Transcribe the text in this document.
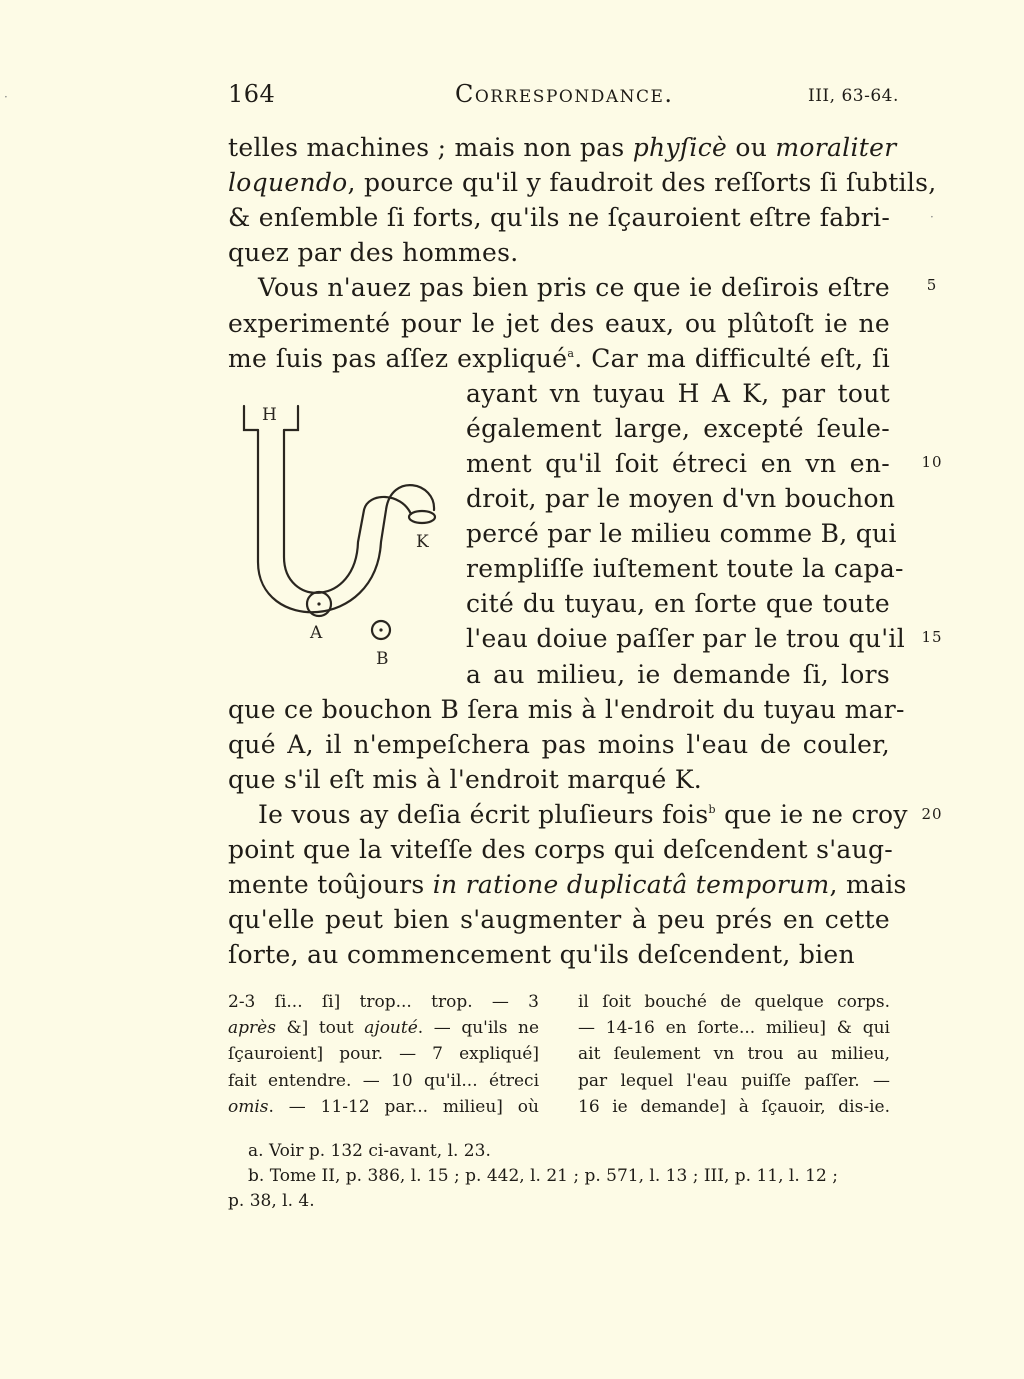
164	Correspondance.	III, 63-64.

telles machines ; mais non pas phyſicè ou moraliter

loquendo, pource qu'il y faudroit des reſſorts ſi ſubtils,

& enſemble ſi forts, qu'ils ne ſçauroient eſtre fabri-

quez par des hommes.

Vous n'auez pas bien pris ce que ie deſirois eſtre

experimenté pour le jet des eaux, ou plûtoſt ie ne

me ſuis pas aſſez expliqué$^a$. Car ma difficulté eſt, ſi

ayant vn tuyau H A K, par tout

également large, excepté ſeule-

ment qu'il ſoit étreci en vn en-

droit, par le moyen d'vn bouchon

percé par le milieu comme B, qui

rempliſſe iuſtement toute la capa-

cité du tuyau, en ſorte que toute

l'eau doiue paſſer par le trou qu'il

a au milieu, ie demande ſi, lors

que ce bouchon B ſera mis à l'endroit du tuyau mar-

qué A, il n'empeſchera pas moins l'eau de couler,

que s'il eſt mis à l'endroit marqué K.

Ie vous ay deſia écrit pluſieurs fois$^b$ que ie ne croy

point que la viteſſe des corps qui deſcendent s'aug-

mente toûjours in ratione duplicatâ temporum, mais

qu'elle peut bien s'augmenter à peu prés en cette

ſorte, au commencement qu'ils deſcendent, bien

5
10
15
20
H
A
K
B

2-3 ſi... ſi] trop... trop. — 3

après &] tout ajouté. — qu'ils ne

ſçauroient] pour. — 7 expliqué]

fait entendre. — 10 qu'il... étreci

omis. — 11-12 par... milieu] où

il ſoit bouché de quelque corps.

— 14-16 en ſorte... milieu] & qui

ait ſeulement vn trou au milieu,

par lequel l'eau puiſſe paſſer. —

16 ie demande] à ſçauoir, dis-ie.

a. Voir p. 132 ci-avant, l. 23.

b. Tome II, p. 386, l. 15 ; p. 442, l. 21 ; p. 571, l. 13 ; III, p. 11, l. 12 ;

p. 38, l. 4.

·
·
